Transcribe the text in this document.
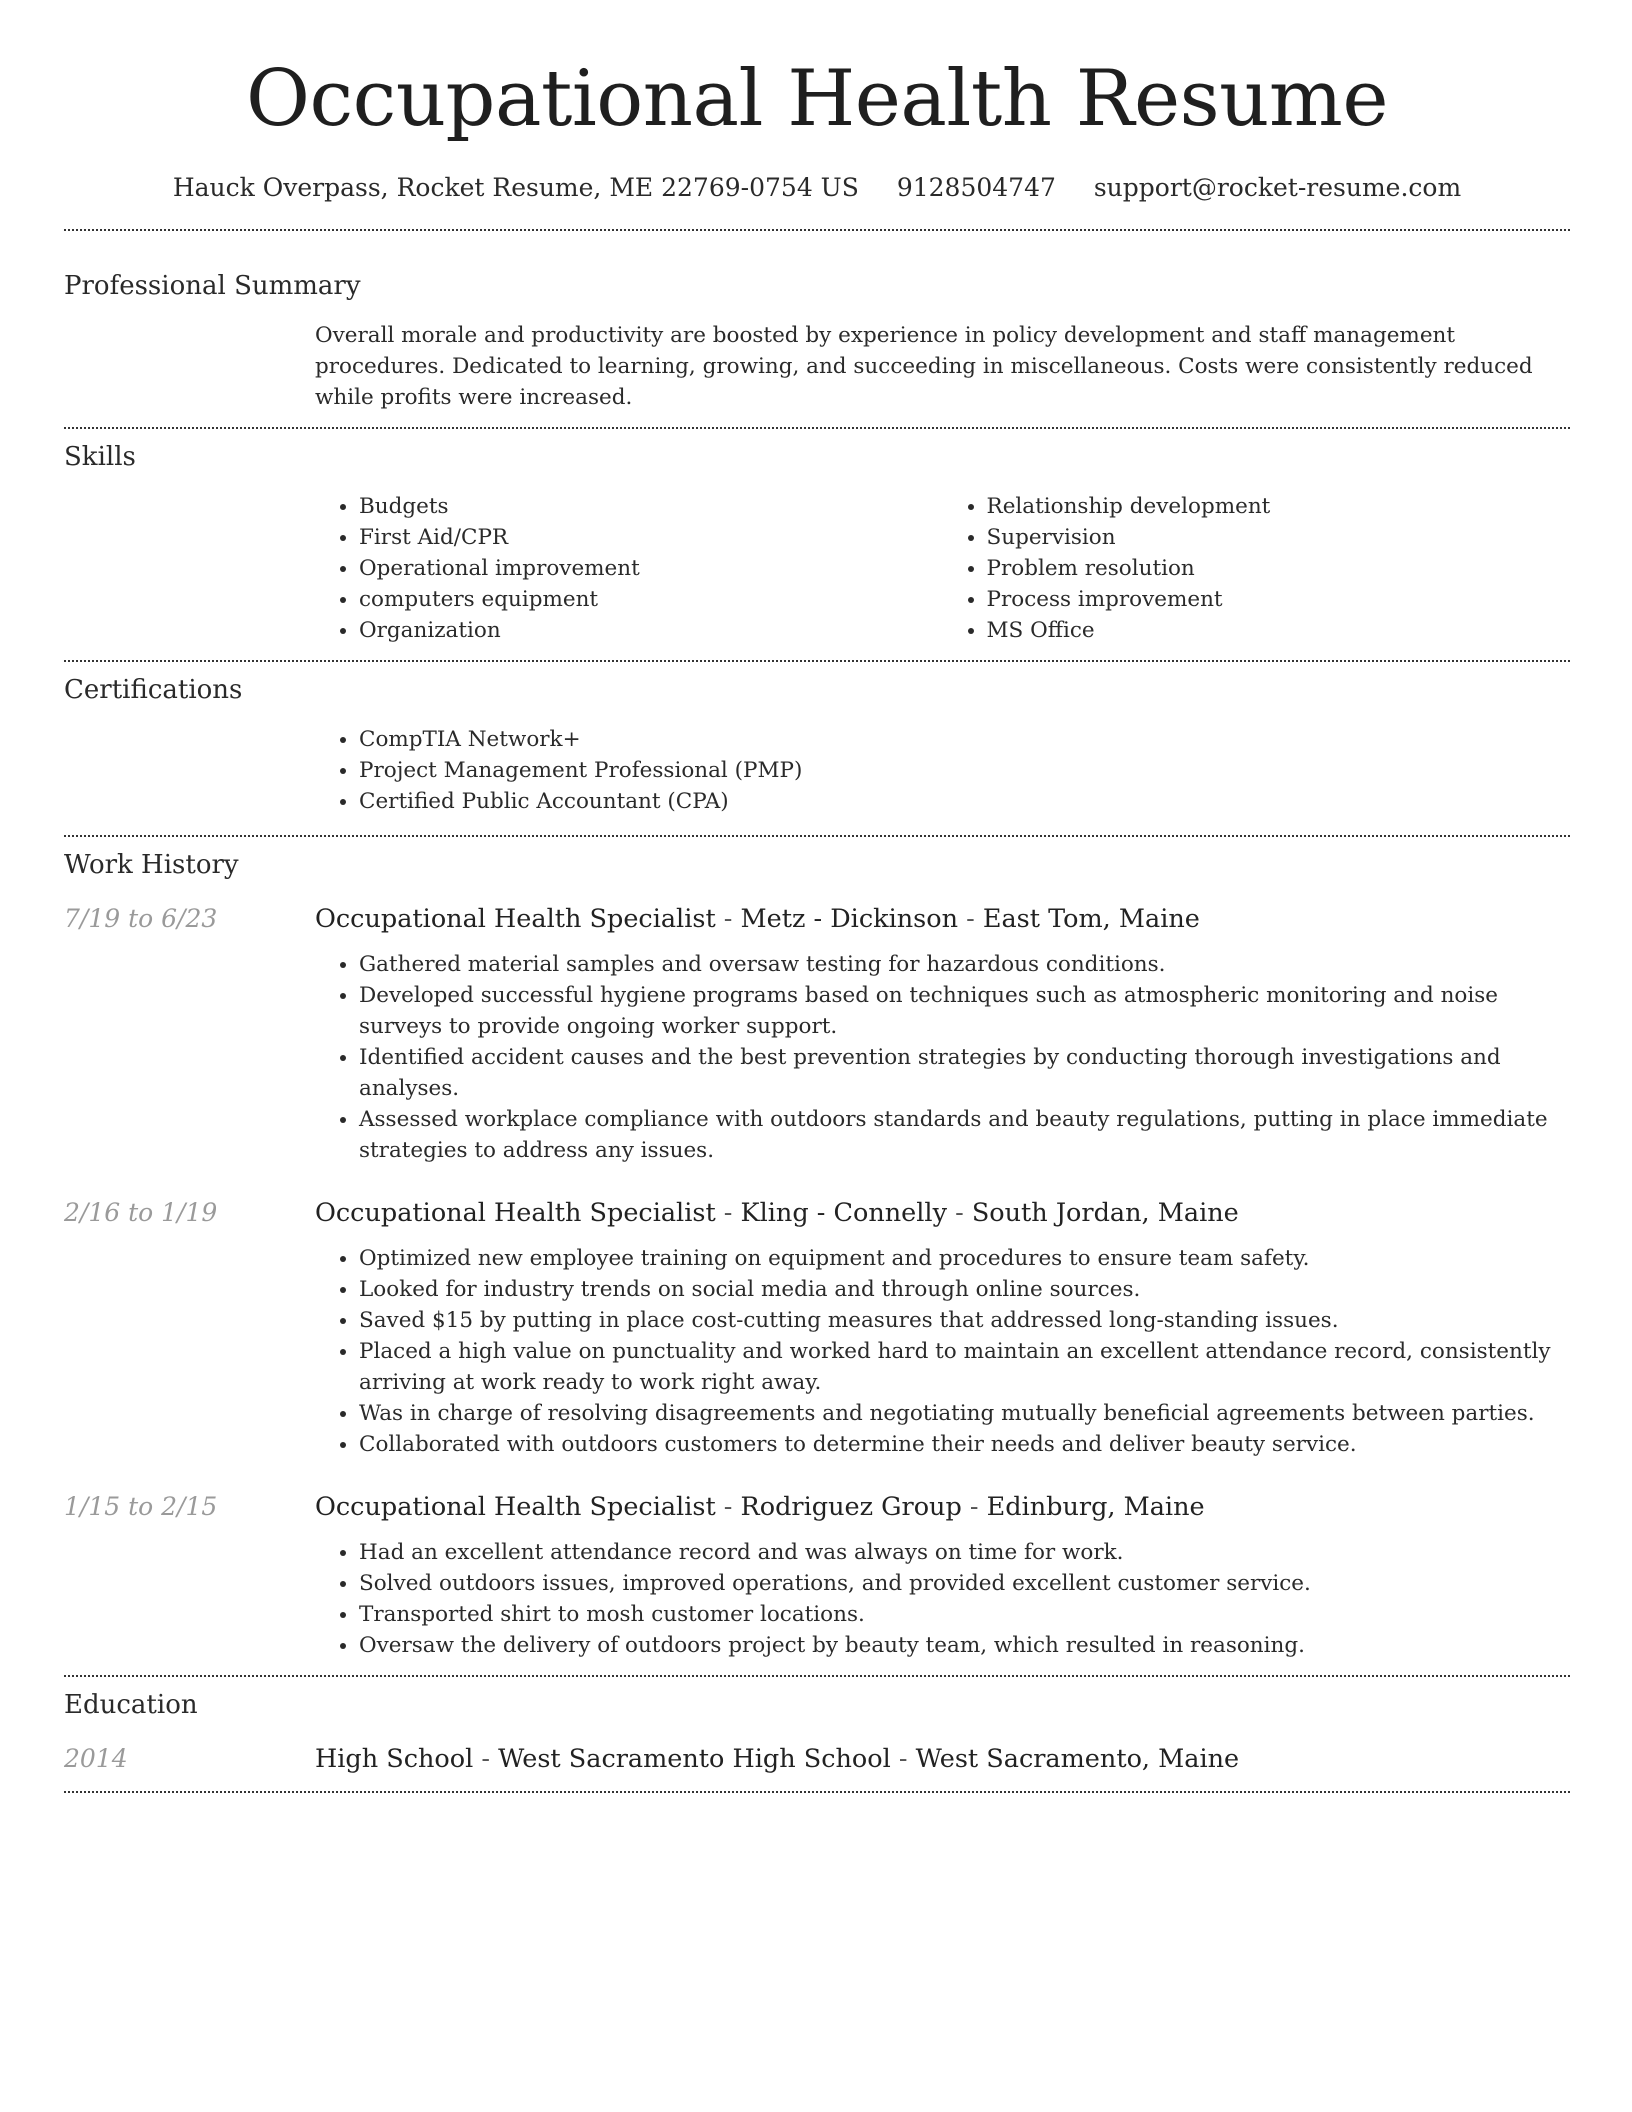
Occupational Health Resume
Hauck Overpass, Rocket Resume, ME 22769-0754 US 9128504747 support@rocket-resume.com
Professional Summary
Overall morale and productivity are boosted by experience in policy development and staff management procedures. Dedicated to learning, growing, and succeeding in miscellaneous. Costs were consistently reduced while profits were increased.
Skills
• Budgets
• First Aid/CPR
• Operational improvement
• computers equipment
• Organization
• Relationship development
• Supervision
• Problem resolution
• Process improvement
• MS Office
Certifications
• CompTIA Network+
• Project Management Professional (PMP)
• Certified Public Accountant (CPA)
Work History
7/19 to 6/23	Occupational Health Specialist - Metz - Dickinson - East Tom, Maine
• Gathered material samples and oversaw testing for hazardous conditions.
• Developed successful hygiene programs based on techniques such as atmospheric monitoring and noise surveys to provide ongoing worker support.
• Identified accident causes and the best prevention strategies by conducting thorough investigations and analyses.
• Assessed workplace compliance with outdoors standards and beauty regulations, putting in place immediate strategies to address any issues.
2/16 to 1/19	Occupational Health Specialist - Kling - Connelly - South Jordan, Maine
• Optimized new employee training on equipment and procedures to ensure team safety.
• Looked for industry trends on social media and through online sources.
• Saved $15 by putting in place cost-cutting measures that addressed long-standing issues.
• Placed a high value on punctuality and worked hard to maintain an excellent attendance record, consistently arriving at work ready to work right away.
• Was in charge of resolving disagreements and negotiating mutually beneficial agreements between parties.
• Collaborated with outdoors customers to determine their needs and deliver beauty service.
1/15 to 2/15	Occupational Health Specialist - Rodriguez Group - Edinburg, Maine
• Had an excellent attendance record and was always on time for work.
• Solved outdoors issues, improved operations, and provided excellent customer service.
• Transported shirt to mosh customer locations.
• Oversaw the delivery of outdoors project by beauty team, which resulted in reasoning.
Education
2014	High School - West Sacramento High School - West Sacramento, Maine
